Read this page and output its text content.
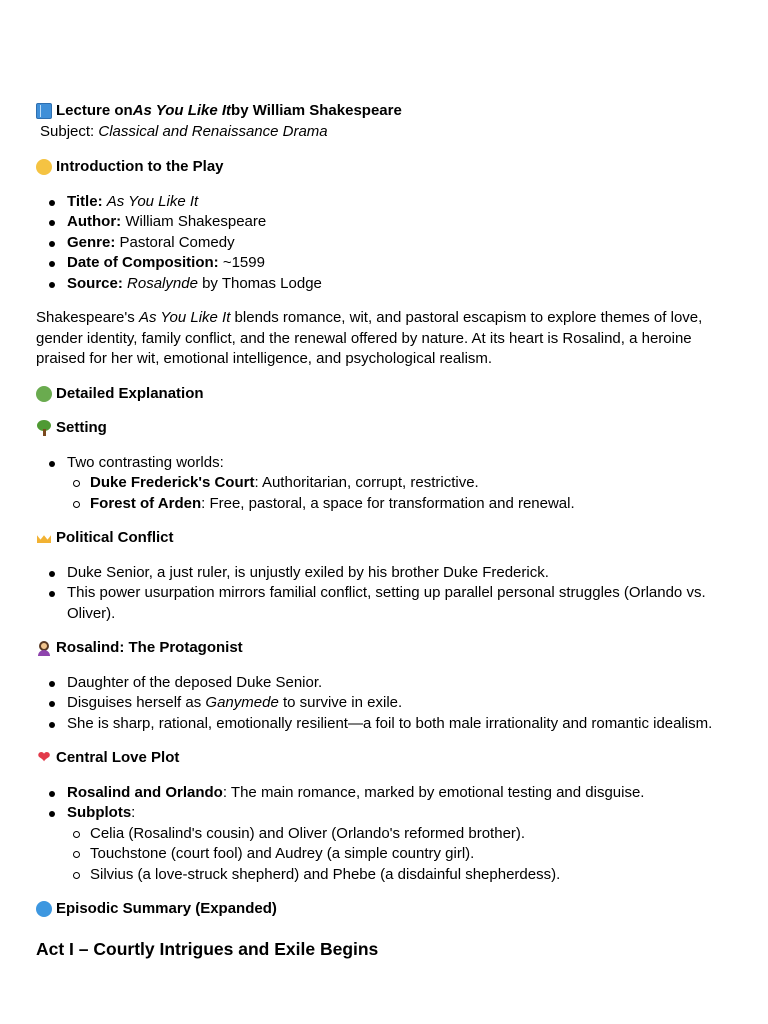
Lecture on As You Like It by William Shakespeare
Subject: Classical and Renaissance Drama
Introduction to the Play
Title: As You Like It
Author: William Shakespeare
Genre: Pastoral Comedy
Date of Composition: ~1599
Source: Rosalynde by Thomas Lodge

Shakespeare's As You Like It blends romance, wit, and pastoral escapism to explore themes of love, gender identity, family conflict, and the renewal offered by nature. At its heart is Rosalind, a heroine praised for her wit, emotional intelligence, and psychological realism.

Detailed Explanation
Setting
Two contrasting worlds:
Duke Frederick's Court: Authoritarian, corrupt, restrictive.
Forest of Arden: Free, pastoral, a space for transformation and renewal.
Political Conflict
Duke Senior, a just ruler, is unjustly exiled by his brother Duke Frederick.
This power usurpation mirrors familial conflict, setting up parallel personal struggles (Orlando vs. Oliver).
Rosalind: The Protagonist
Daughter of the deposed Duke Senior.
Disguises herself as Ganymede to survive in exile.
She is sharp, rational, emotionally resilient—a foil to both male irrationality and romantic idealism.
❤ Central Love Plot
Rosalind and Orlando: The main romance, marked by emotional testing and disguise.
Subplots:
Celia (Rosalind's cousin) and Oliver (Orlando's reformed brother).
Touchstone (court fool) and Audrey (a simple country girl).
Silvius (a love-struck shepherd) and Phebe (a disdainful shepherdess).
Episodic Summary (Expanded)
Act I – Courtly Intrigues and Exile Begins
